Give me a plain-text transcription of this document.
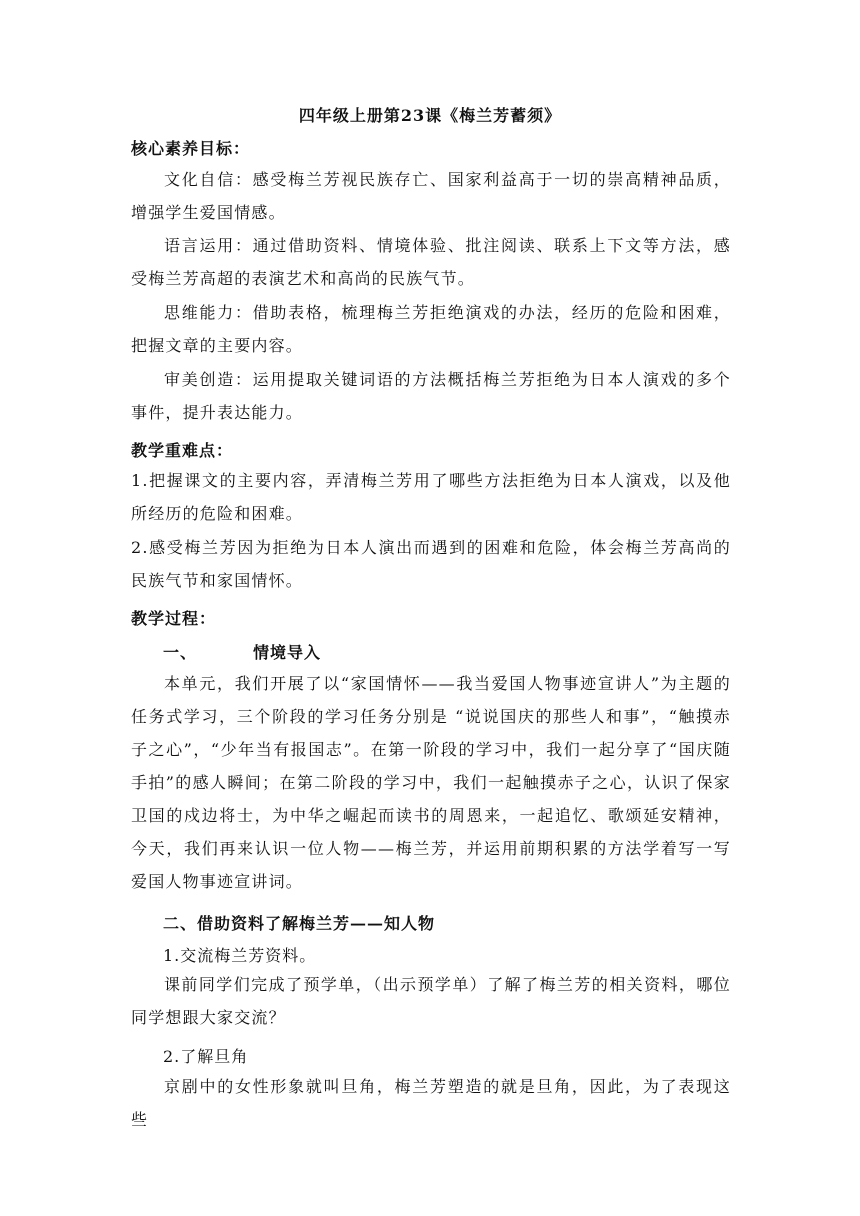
四年级上册第23课《梅兰芳蓄须》
核心素养目标：

文化自信：感受梅兰芳视民族存亡、国家利益高于一切的崇高精神品质，增强学生爱国情感。

语言运用：通过借助资料、情境体验、批注阅读、联系上下文等方法，感受梅兰芳高超的表演艺术和高尚的民族气节。

思维能力：借助表格，梳理梅兰芳拒绝演戏的办法，经历的危险和困难，把握文章的主要内容。

审美创造：运用提取关键词语的方法概括梅兰芳拒绝为日本人演戏的多个事件，提升表达能力。

教学重难点：

1.把握课文的主要内容，弄清梅兰芳用了哪些方法拒绝为日本人演戏，以及他所经历的危险和困难。

2.感受梅兰芳因为拒绝为日本人演出而遇到的困难和危险，体会梅兰芳高尚的民族气节和家国情怀。

教学过程：
一、	情境导入

本单元，我们开展了以“家国情怀——我当爱国人物事迹宣讲人”为主题的任务式学习，三个阶段的学习任务分别是 “说说国庆的那些人和事”，“触摸赤子之心”，“少年当有报国志”。在第一阶段的学习中，我们一起分享了“国庆随手拍”的感人瞬间；在第二阶段的学习中，我们一起触摸赤子之心，认识了保家卫国的戍边将士，为中华之崛起而读书的周恩来，一起追忆、歌颂延安精神，今天，我们再来认识一位人物——梅兰芳，并运用前期积累的方法学着写一写爱国人物事迹宣讲词。

二、借助资料了解梅兰芳——知人物
1.交流梅兰芳资料。

课前同学们完成了预学单，（出示预学单）了解了梅兰芳的相关资料，哪位同学想跟大家交流？

2.了解旦角

京剧中的女性形象就叫旦角，梅兰芳塑造的就是旦角，因此，为了表现这些
